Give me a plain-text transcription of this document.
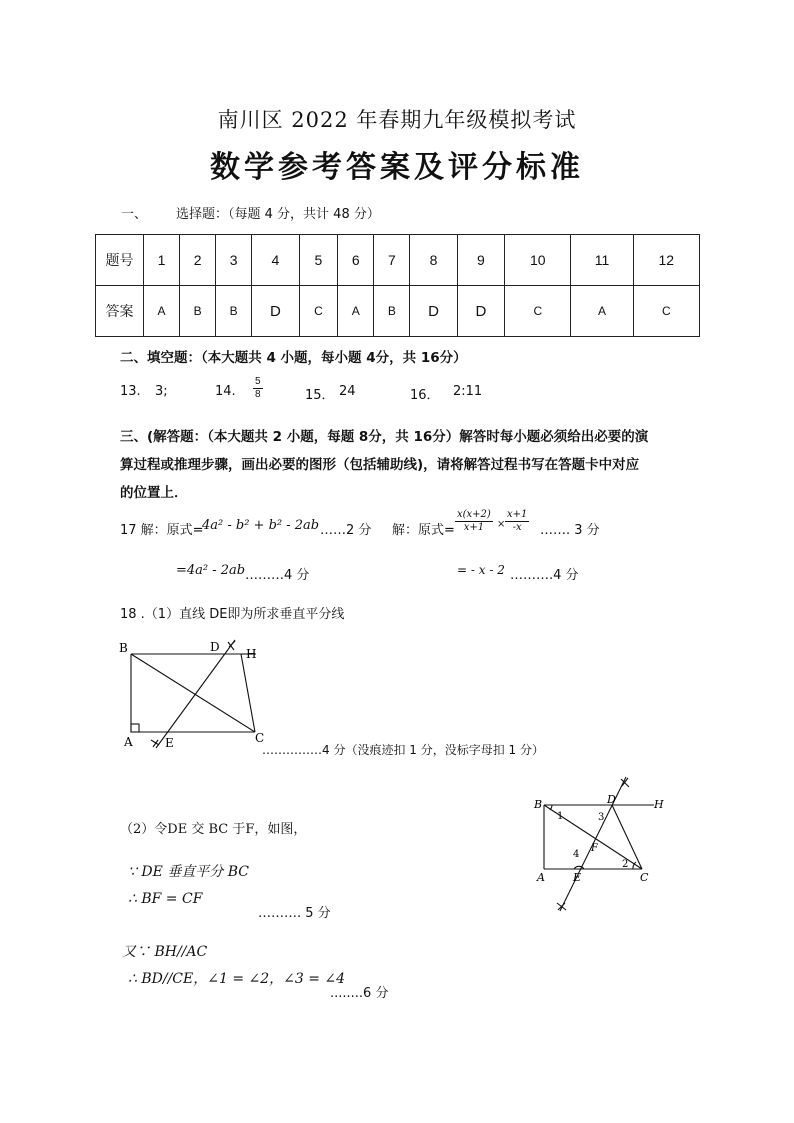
南川区 2022 年春期九年级模拟考试
数学参考答案及评分标准
一、 选择题：（每题 4 分，共计 48 分）
题号	1	2	3	4	5	6	7	8	9	10	11	12
答案	A	B	B	D	C	A	B	D	D	C	A	C
二、填空题：（本大题共 4 小题，每小题 4分，共 16分）
13. 3;	14. $\frac{5}{8}$	15． 24	16． 2:11
三、(解答题：（本大题共 2 小题，每题 8分，共 16分）解答时每小题必须给出必要的演
算过程或推理步骤，画出必要的图形（包括辅助线)，请将解答过程书写在答题卡中对应
的位置上．
17 解：原式=
4a² - b² + b² - 2ab ……2 分 解：原式= $\frac{x(x+2)}{x+1} \times \frac{x+1}{-x}$ ……. 3 分
=4a² - 2ab ………4 分	= - x - 2 ……….4 分
18 .（1）直线 DE即为所求垂直平分线
B	D H
A	E	C
……………4 分（没痕迹扣 1 分，没标字母扣 1 分）
B
1
D
3
H
F
4
2
A	E	C
（2）令DE 交 BC 于F，如图，
∵ DE 垂直平分 BC
∴ BF = CF
………. 5 分
又∵ BH//AC
∴ BD//CE，∠1 = ∠2，∠3 = ∠4
........6 分
